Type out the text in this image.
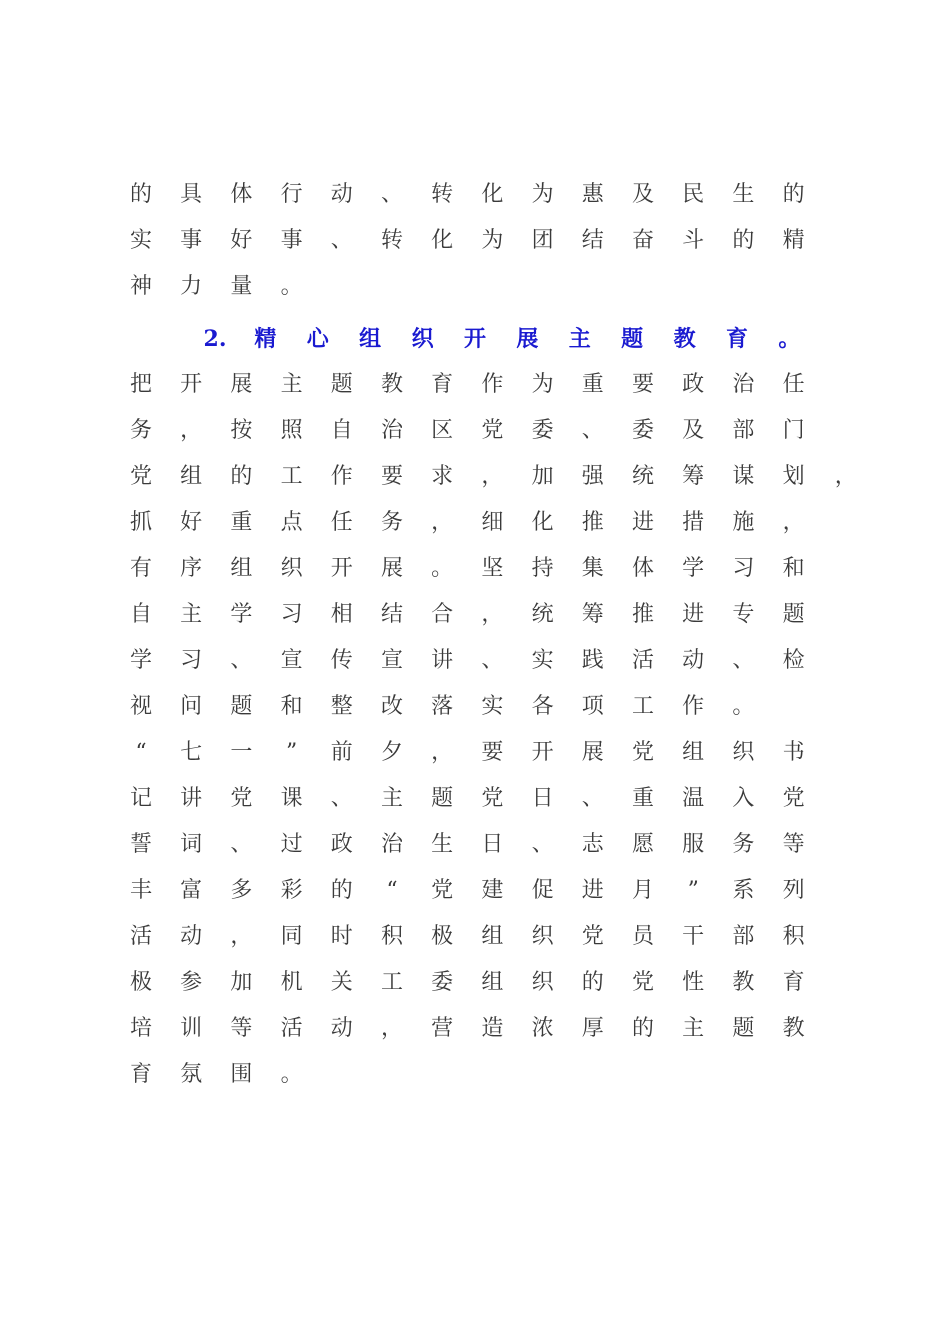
的 具 体 行 动 、 转 化 为 惠 及 民 生 的
实 事 好 事 、 转 化 为 团 结 奋 斗 的 精
神 力 量 。
2. 精 心 组 织 开 展 主 题 教 育 。
把 开 展 主 题 教 育 作 为 重 要 政 治 任
务 ， 按 照 自 治 区 党 委 、 委 及 部 门
党 组 的 工 作 要 求 ， 加 强 统 筹 谋 划 ，
抓 好 重 点 任 务 ， 细 化 推 进 措 施 ，
有 序 组 织 开 展 。 坚 持 集 体 学 习 和
自 主 学 习 相 结 合 ， 统 筹 推 进 专 题
学 习 、 宣 传 宣 讲 、 实 践 活 动 、 检
视 问 题 和 整 改 落 实 各 项 工 作 。
“	七 一	”	前 夕 ， 要 开 展 党 组 织 书
记 讲 党 课 、 主 题 党 日 、 重 温 入 党
誓 词 、 过 政 治 生 日 、 志 愿 服 务 等
丰 富 多 彩 的	“	党 建 促 进 月	”	系 列
活 动 ， 同 时 积 极 组 织 党 员 干 部 积
极 参 加 机 关 工 委 组 织 的 党 性 教 育
培 训 等 活 动 ， 营 造 浓 厚 的 主 题 教
育 氛 围 。
